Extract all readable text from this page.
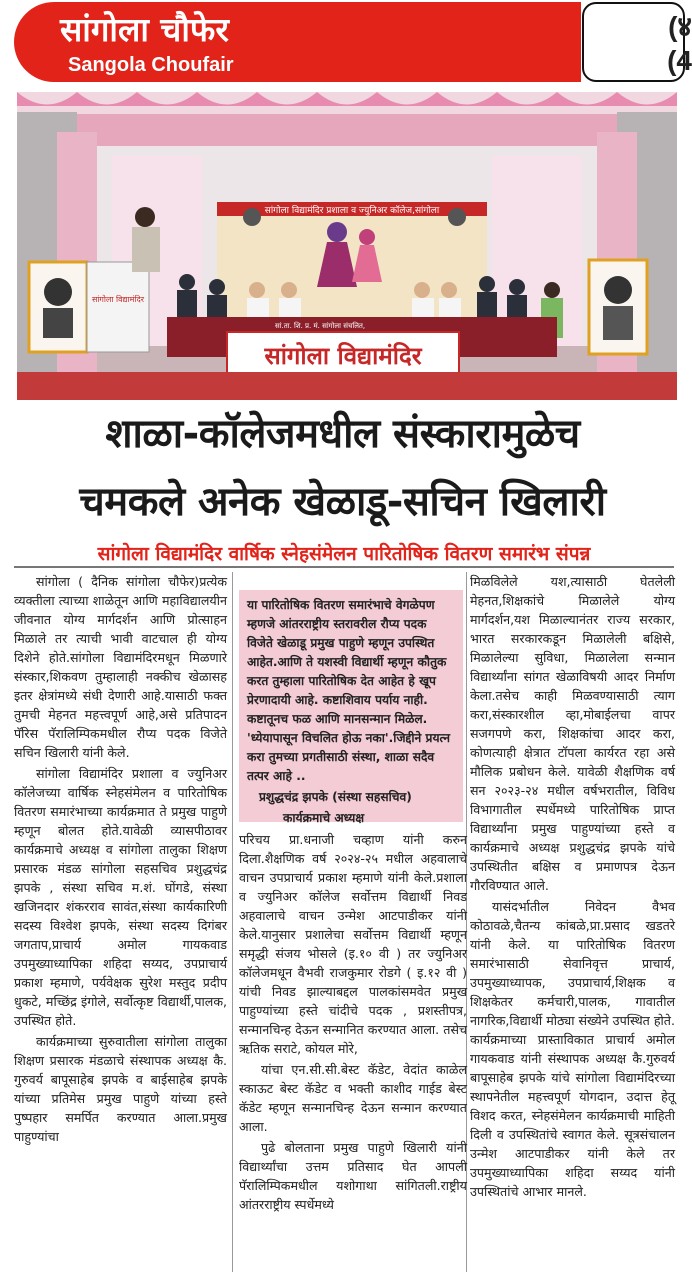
सांगोला चौफेर
Sangola Choufair
(४
(4
सांगोला विद्यामंदिर प्रशाला व ज्युनिअर कॉलेज,सांगोला
सांगोला विद्यामंदिर
सां.ता. शि. प्र. मं. सांगोला संचलित,
सांगोला विद्यामंदिर
शाळा-कॉलेजमधील संस्कारामुळेच
चमकले अनेक खेळाडू-सचिन खिलारी
सांगोला विद्यामंदिर वार्षिक स्नेहसंमेलन पारितोषिक वितरण समारंभ संपन्न

सांगोला ( दैनिक सांगोला चौफेर)प्रत्येक व्यक्तीला त्याच्या शाळेतून आणि महाविद्यालयीन जीवनात योग्य मार्गदर्शन आणि प्रोत्साहन मिळाले तर त्याची भावी वाटचाल ही योग्य दिशेने होते.सांगोला विद्यामंदिरमधून मिळणारे संस्कार,शिकवण तुम्हालाही नक्कीच खेळासह इतर क्षेत्रांमध्ये संधी देणारी आहे.यासाठी फक्त तुमची मेहनत महत्त्वपूर्ण आहे,असे प्रतिपादन पॅरिस पॅरालिम्पिकमधील रौप्य पदक विजेते सचिन खिलारी यांनी केले.

सांगोला विद्यामंदिर प्रशाला व ज्युनिअर कॉलेजच्या वार्षिक स्नेहसंमेलन व पारितोषिक वितरण समारंभाच्या कार्यक्रमात ते प्रमुख पाहुणे म्हणून बोलत होते.यावेळी व्यासपीठावर कार्यक्रमाचे अध्यक्ष व सांगोला तालुका शिक्षण प्रसारक मंडळ सांगोला सहसचिव प्रशुद्धचंद्र झपके , संस्था सचिव म.शं. घोंगडे, संस्था खजिनदार शंकरराव सावंत,संस्था कार्यकारिणी सदस्य विश्वेश झपके, संस्था सदस्य दिगंबर जगताप,प्राचार्य अमोल गायकवाड उपमुख्याध्यापिका शहिदा सय्यद, उपप्राचार्य प्रकाश म्हमाणे, पर्यवेक्षक सुरेश मस्तुद प्रदीप धुकटे, मच्छिंद्र इंगोले, सर्वोत्कृष्ट विद्यार्थी,पालक, उपस्थित होते.

कार्यक्रमाच्या सुरुवातीला सांगोला तालुका शिक्षण प्रसारक मंडळाचे संस्थापक अध्यक्ष कै. गुरुवर्य बापूसाहेब झपके व बाईसाहेब झपके यांच्या प्रतिमेस प्रमुख पाहुणे यांच्या हस्ते पुष्पहार समर्पित करण्यात आला.प्रमुख पाहुण्यांचा

या पारितोषिक वितरण समारंभाचे वेगळेपण म्हणजे आंतरराष्ट्रीय स्तरावरील रौप्य पदक विजेते खेळाडू प्रमुख पाहुणे म्हणून उपस्थित आहेत.आणि ते यशस्वी विद्यार्थी म्हणून कौतुक करत तुम्हाला पारितोषिक देत आहेत हे खूप प्रेरणादायी आहे. कष्टाशिवाय पर्याय नाही. कष्टातूनच फळ आणि मानसन्मान मिळेल. 'ध्येयापासून विचलित होऊ नका'.जिद्दीने प्रयत्न करा तुमच्या प्रगतीसाठी संस्था, शाळा सदैव तत्पर आहे ..
प्रशुद्धचंद्र झपके (संस्था सहसचिव)
कार्यक्रमाचे अध्यक्ष

परिचय प्रा.धनाजी चव्हाण यांनी करुन दिला.शैक्षणिक वर्ष २०२४-२५ मधील अहवालाचे वाचन उपप्राचार्य प्रकाश म्हमाणे यांनी केले.प्रशाला व ज्युनिअर कॉलेज सर्वोत्तम विद्यार्थी निवड अहवालाचे वाचन उन्मेश आटपाडीकर यांनी केले.यानुसार प्रशालेचा सर्वोत्तम विद्यार्थी म्हणून समृद्धी संजय भोसले (इ.१० वी ) तर ज्युनिअर कॉलेजमधून वैभवी राजकुमार रोडगे ( इ.१२ वी ) यांची निवड झाल्याबद्दल पालकांसमवेत प्रमुख पाहुण्यांच्या हस्ते चांदीचे पदक , प्रशस्तीपत्र, सन्मानचिन्ह देऊन सन्मानित करण्यात आला. तसेच ऋतिक सराटे, कोयल मोरे,

यांचा एन.सी.सी.बेस्ट कॅडेट, वेदांत काळेल स्काऊट बेस्ट कॅडेट व भक्ती काशीद गाईड बेस्ट कॅडेट म्हणून सन्मानचिन्ह देऊन सन्मान करण्यात आला.

पुढे बोलताना प्रमुख पाहुणे खिलारी यांनी विद्यार्थ्यांचा उत्तम प्रतिसाद घेत आपली पॅरालिम्पिकमधील यशोगाथा सांगितली.राष्ट्रीय आंतरराष्ट्रीय स्पर्धेमध्ये

मिळविलेले यश,त्यासाठी घेतलेली मेहनत,शिक्षकांचे मिळालेले योग्य मार्गदर्शन,यश मिळाल्यानंतर राज्य सरकार, भारत सरकारकडून मिळालेली बक्षिसे, मिळालेल्या सुविधा, मिळालेला सन्मान विद्यार्थ्यांना सांगत खेळाविषयी आदर निर्माण केला.तसेच काही मिळवण्यासाठी त्याग करा,संस्कारशील व्हा,मोबाईलचा वापर सजगपणे करा, शिक्षकांचा आदर करा, कोणत्याही क्षेत्रात टॉपला कार्यरत रहा असे मौलिक प्रबोधन केले. यावेळी शैक्षणिक वर्ष सन २०२३-२४ मधील वर्षभरातील, विविध विभागातील स्पर्धेमध्ये पारितोषिक प्राप्त विद्यार्थ्यांना प्रमुख पाहुण्यांच्या हस्ते व कार्यक्रमाचे अध्यक्ष प्रशुद्धचंद्र झपके यांचे उपस्थितीत बक्षिस व प्रमाणपत्र देऊन गौरविण्यात आले.

यासंदर्भातील निवेदन वैभव कोठावळे,चैतन्य कांबळे,प्रा.प्रसाद खडतरे यांनी केले. या पारितोषिक वितरण समारंभासाठी सेवानिवृत्त प्राचार्य, उपमुख्याध्यापक, उपप्राचार्य,शिक्षक व शिक्षकेतर कर्मचारी,पालक, गावातील नागरिक,विद्यार्थी मोठ्या संख्येने उपस्थित होते. कार्यक्रमाच्या प्रास्ताविकात प्राचार्य अमोल गायकवाड यांनी संस्थापक अध्यक्ष कै.गुरुवर्य बापूसाहेब झपके यांचे सांगोला विद्यामंदिरच्या स्थापनेतील महत्त्वपूर्ण योगदान, उदात्त हेतू विशद करत, स्नेहसंमेलन कार्यक्रमाची माहिती दिली व उपस्थितांचे स्वागत केले. सूत्रसंचालन उन्मेश आटपाडीकर यांनी केले तर उपमुख्याध्यापिका शहिदा सय्यद यांनी उपस्थितांचे आभार मानले.
